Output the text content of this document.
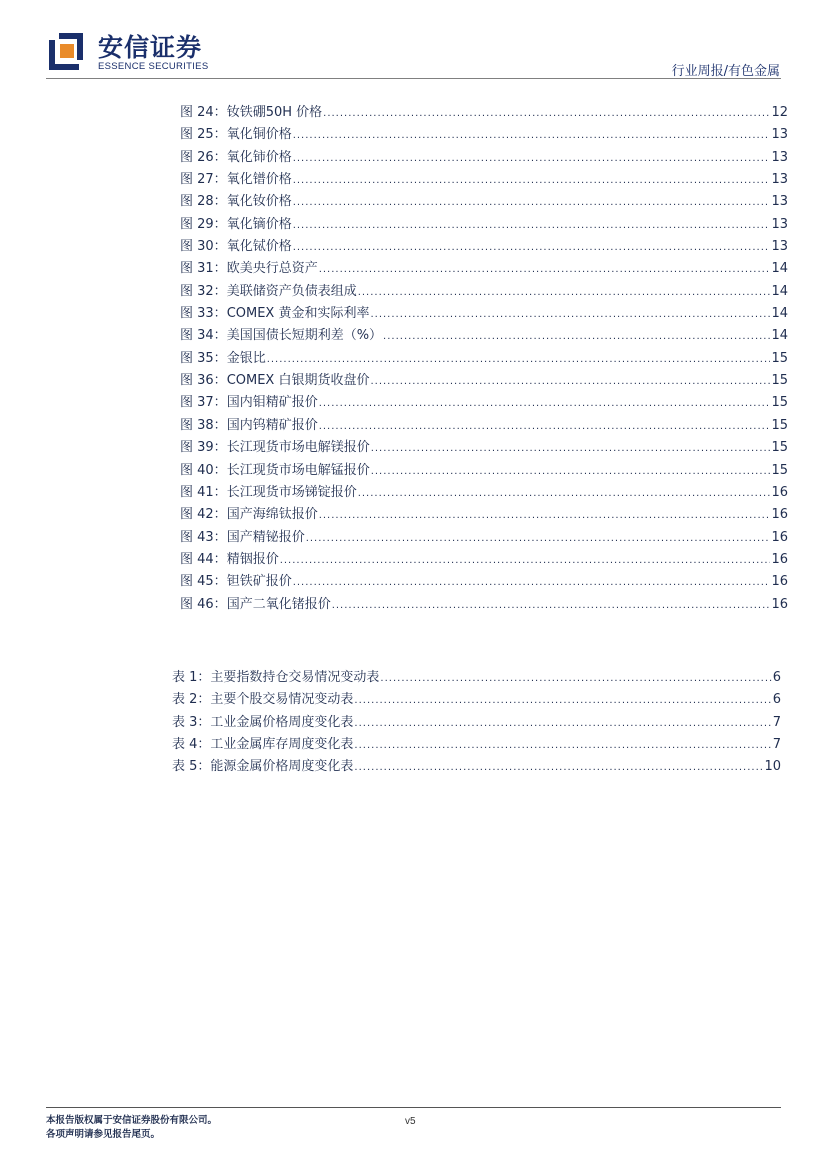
安信证券
ESSENCE SECURITIES	行业周报/有色金属
图 24： 钕铁硼50H 价格 .....	12
图 25： 氧化铜价格 .....	13
图 26： 氧化铈价格 .....	13
图 27： 氧化镨价格 .....	13
图 28： 氧化钕价格 .....	13
图 29： 氧化镝价格 .....	13
图 30： 氧化铽价格 .....	13
图 31： 欧美央行总资产 .....	14
图 32： 美联储资产负债表组成 .....	14
图 33： COMEX 黄金和实际利率 .....	14
图 34： 美国国债长短期利差（%） .....	14
图 35： 金银比 .....	15
图 36： COMEX 白银期货收盘价 .....	15
图 37： 国内钼精矿报价 .....	15
图 38： 国内钨精矿报价 .....	15
图 39： 长江现货市场电解镁报价 .....	15
图 40： 长江现货市场电解锰报价 .....	15
图 41： 长江现货市场锑锭报价 .....	16
图 42： 国产海绵钛报价 .....	16
图 43： 国产精铋报价 .....	16
图 44： 精铟报价 .....	16
图 45： 钽铁矿报价 .....	16
图 46： 国产二氧化锗报价 .....	16
表 1： 主要指数持仓交易情况变动表 .....	6
表 2： 主要个股交易情况变动表 .....	6
表 3： 工业金属价格周度变化表 .....	7
表 4： 工业金属库存周度变化表 .....	7
表 5： 能源金属价格周度变化表 .....	10
本报告版权属于安信证券股份有限公司。
各项声明请参见报告尾页。
v5
